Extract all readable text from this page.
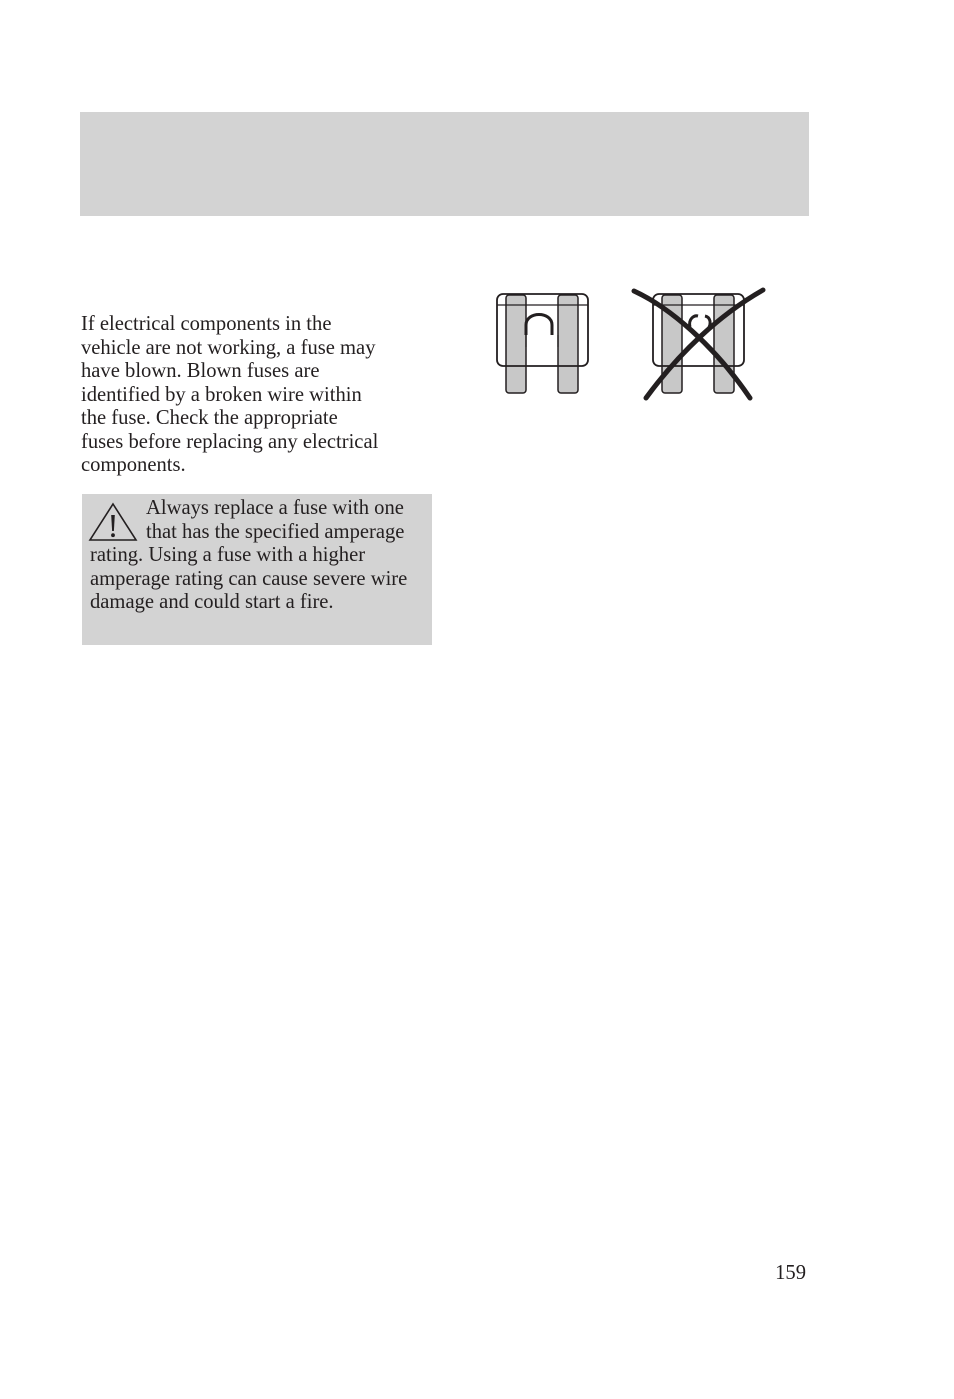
If electrical components in the
vehicle are not working, a fuse may
have blown. Blown fuses are
identified by a broken wire within
the fuse. Check the appropriate
fuses before replacing any electrical
components.

Always replace a fuse with one that has the specified amperage rating. Using a fuse with a higher amperage rating can cause severe wire damage and could start a fire.

159
